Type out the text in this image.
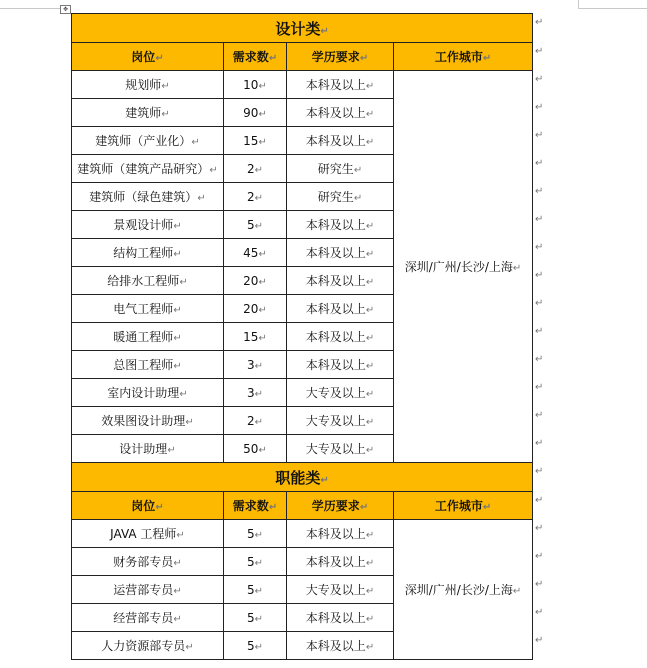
✥
设计类↵			
岗位↵	需求数↵	学历要求↵	工作城市↵
规划师↵	10↵	本科及以上↵	深圳/广州/长沙/上海↵
建筑师↵	90↵	本科及以上↵	
建筑师（产业化）↵	15↵	本科及以上↵	
建筑师（建筑产品研究）↵	2↵	研究生↵	
建筑师（绿色建筑）↵	2↵	研究生↵	
景观设计师↵	5↵	本科及以上↵	
结构工程师↵	45↵	本科及以上↵	
给排水工程师↵	20↵	本科及以上↵	
电气工程师↵	20↵	本科及以上↵	
暖通工程师↵	15↵	本科及以上↵	
总图工程师↵	3↵	本科及以上↵	
室内设计助理↵	3↵	大专及以上↵	
效果图设计助理↵	2↵	大专及以上↵	
设计助理↵	50↵	大专及以上↵	
职能类↵			
岗位↵	需求数↵	学历要求↵	工作城市↵
JAVA 工程师↵	5↵	本科及以上↵	深圳/广州/长沙/上海↵
财务部专员↵	5↵	本科及以上↵	
运营部专员↵	5↵	大专及以上↵	
经营部专员↵	5↵	本科及以上↵	
人力资源部专员↵	5↵	本科及以上↵	
↵
↵
↵
↵
↵
↵
↵
↵
↵
↵
↵
↵
↵
↵
↵
↵
↵
↵
↵
↵
↵
↵
↵
